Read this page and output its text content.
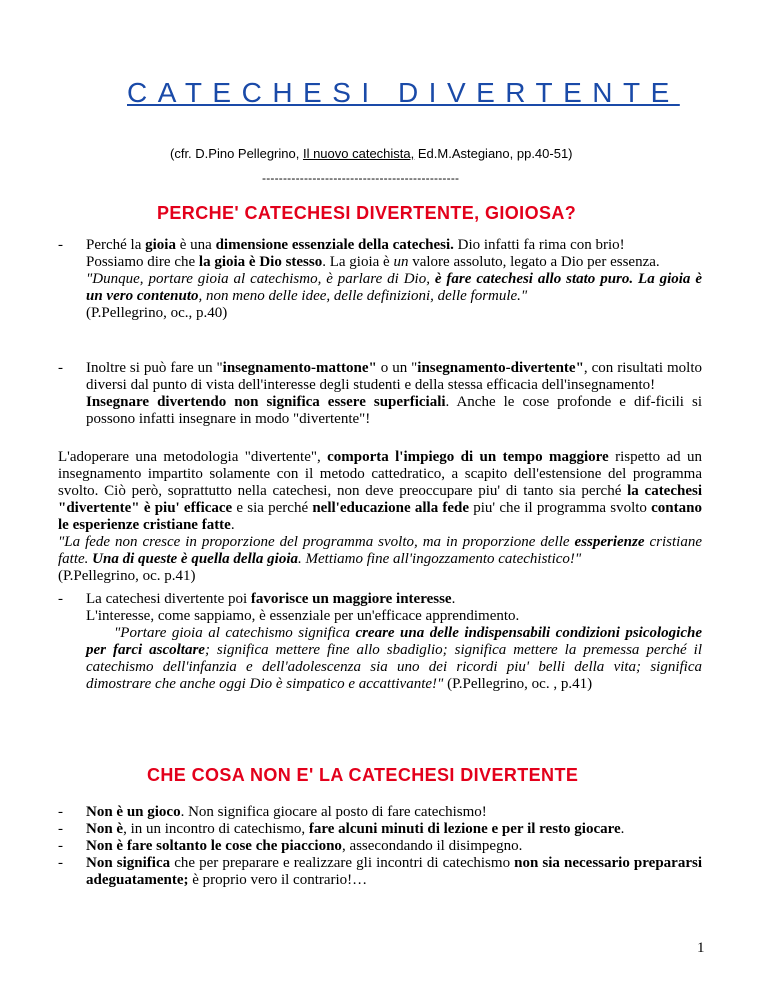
CATECHESI DIVERTENTE
(cfr. D.Pino Pellegrino, Il nuovo catechista, Ed.M.Astegiano, pp.40-51)
-----------------------------------------------
PERCHE' CATECHESI DIVERTENTE, GIOIOSA?
- Perché la gioia è una dimensione essenziale della catechesi. Dio infatti fa rima con brio!

Possiamo dire che la gioia è Dio stesso. La gioia è un valore assoluto, legato a Dio per essenza.

"Dunque, portare gioia al catechismo, è parlare di Dio, è fare catechesi allo stato puro. La gioia è un vero contenuto, non meno delle idee, delle definizioni, delle formule."
(P.Pellegrino, oc., p.40)

- Inoltre si può fare un "insegnamento-mattone" o un "insegnamento-divertente", con risultati molto diversi dal punto di vista dell'interesse degli studenti e della stessa efficacia dell'insegnamento!

Insegnare divertendo non significa essere superficiali. Anche le cose profonde e dif-ficili si possono infatti insegnare in modo "divertente"!

L'adoperare una metodologia "divertente", comporta l'impiego di un tempo maggiore rispetto ad un insegnamento impartito solamente con il metodo cattedratico, a scapito dell'estensione del programma svolto. Ciò però, soprattutto nella catechesi, non deve preoccupare piu' di tanto sia perché la catechesi "divertente" è piu' efficace e sia perché nell'educazione alla fede piu' che il programma svolto contano le esperienze cristiane fatte.

"La fede non cresce in proporzione del programma svolto, ma in proporzione delle essperienze cristiane fatte. Una di queste è quella della gioia. Mettiamo fine all'ingozzamento catechistico!"
(P.Pellegrino, oc. p.41)

- La catechesi divertente poi favorisce un maggiore interesse.

L'interesse, come sappiamo, è essenziale per un'efficace apprendimento.

"Portare gioia al catechismo significa creare una delle indispensabili condizioni psicologiche per farci ascoltare; significa mettere fine allo sbadiglio; significa mettere la premessa perché il catechismo dell'infanzia e dell'adolescenza sia uno dei ricordi piu' belli della vita; significa dimostrare che anche oggi Dio è simpatico e accattivante!" (P.Pellegrino, oc. , p.41)

CHE COSA NON E' LA CATECHESI DIVERTENTE
- Non è un gioco. Non significa giocare al posto di fare catechismo!
- Non è, in un incontro di catechismo, fare alcuni minuti di lezione e per il resto giocare.
- Non è fare soltanto le cose che piacciono, assecondando il disimpegno.
- Non significa che per preparare e realizzare gli incontri di catechismo non sia necessario prepararsi adeguatamente; è proprio vero il contrario!…
1
